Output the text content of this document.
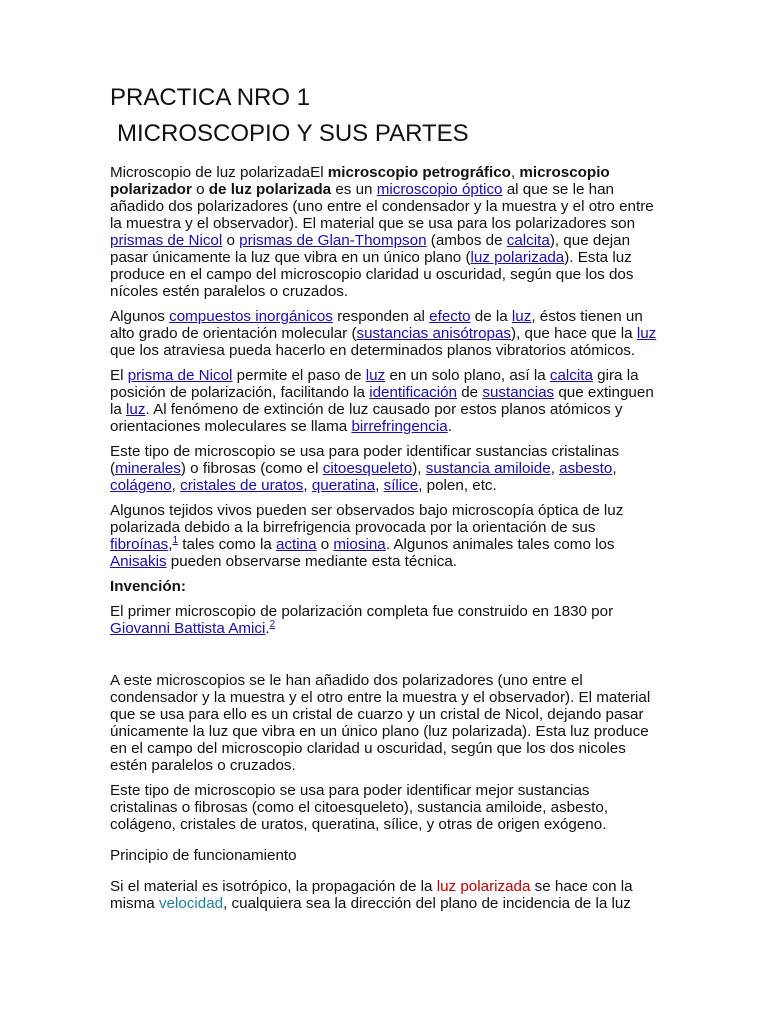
PRACTICA NRO 1
MICROSCOPIO Y SUS PARTES

Microscopio de luz polarizadaEl microscopio petrográfico, microscopio polarizador o de luz polarizada es un microscopio óptico al que se le han añadido dos polarizadores (uno entre el condensador y la muestra y el otro entre la muestra y el observador). El material que se usa para los polarizadores son prismas de Nicol o prismas de Glan-Thompson (ambos de calcita), que dejan pasar únicamente la luz que vibra en un único plano (luz polarizada). Esta luz produce en el campo del microscopio claridad u oscuridad, según que los dos nícoles estén paralelos o cruzados.

Algunos compuestos inorgánicos responden al efecto de la luz, éstos tienen un alto grado de orientación molecular (sustancias anisótropas), que hace que la luz que los atraviesa pueda hacerlo en determinados planos vibratorios atómicos.

El prisma de Nicol permite el paso de luz en un solo plano, así la calcita gira la posición de polarización, facilitando la identificación de sustancias que extinguen la luz. Al fenómeno de extinción de luz causado por estos planos atómicos y orientaciones moleculares se llama birrefringencia.

Este tipo de microscopio se usa para poder identificar sustancias cristalinas (minerales) o fibrosas (como el citoesqueleto), sustancia amiloide, asbesto, colágeno, cristales de uratos, queratina, sílice, polen, etc.

Algunos tejidos vivos pueden ser observados bajo microscopía óptica de luz polarizada debido a la birrefrigencia provocada por la orientación de sus fibroínas,$^1$ tales como la actina o miosina. Algunos animales tales como los Anisakis pueden observarse mediante esta técnica.

Invención:

El primer microscopio de polarización completa fue construido en 1830 por Giovanni Battista Amici.$^2$

A este microscopios se le han añadido dos polarizadores (uno entre el condensador y la muestra y el otro entre la muestra y el observador). El material que se usa para ello es un cristal de cuarzo y un cristal de Nicol, dejando pasar únicamente la luz que vibra en un único plano (luz polarizada). Esta luz produce en el campo del microscopio claridad u oscuridad, según que los dos nicoles estén paralelos o cruzados.

Este tipo de microscopio se usa para poder identificar mejor sustancias cristalinas o fibrosas (como el citoesqueleto), sustancia amiloide, asbesto, colágeno, cristales de uratos, queratina, sílice, y otras de origen exógeno.

Principio de funcionamiento

Si el material es isotrópico, la propagación de la luz polarizada se hace con la misma velocidad, cualquiera sea la dirección del plano de incidencia de la luz
